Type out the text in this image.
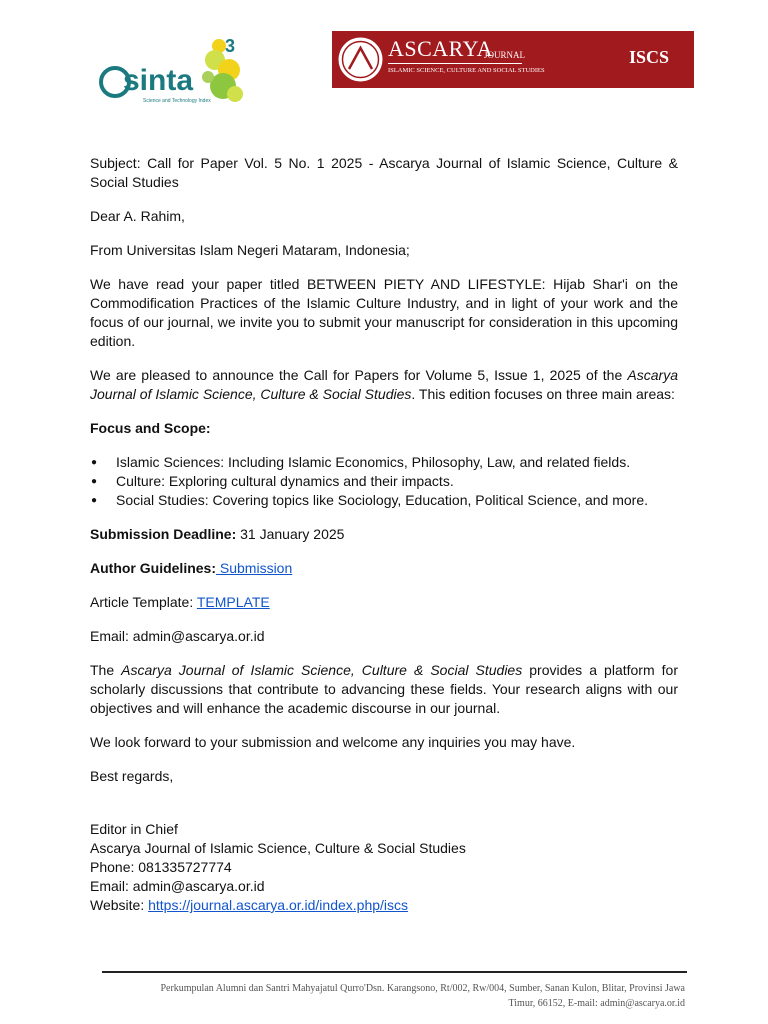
sinta
3
Science and Technology Index
ASCARYA
JOURNAL
ISLAMIC SCIENCE, CULTURE AND SOCIAL STUDIES
ISCS

Subject: Call for Paper Vol. 5 No. 1 2025 - Ascarya Journal of Islamic Science, Culture & Social Studies

Dear A. Rahim,

From Universitas Islam Negeri Mataram, Indonesia;

We have read your paper titled BETWEEN PIETY AND LIFESTYLE: Hijab Shar'i on the Commodification Practices of the Islamic Culture Industry, and in light of your work and the focus of our journal, we invite you to submit your manuscript for consideration in this upcoming edition.

We are pleased to announce the Call for Papers for Volume 5, Issue 1, 2025 of the Ascarya Journal of Islamic Science, Culture & Social Studies. This edition focuses on three main areas:

Focus and Scope:

● Islamic Sciences: Including Islamic Economics, Philosophy, Law, and related fields.
● Culture: Exploring cultural dynamics and their impacts.
● Social Studies: Covering topics like Sociology, Education, Political Science, and more.

Submission Deadline: 31 January 2025

Author Guidelines: Submission

Article Template: TEMPLATE

Email: admin@ascarya.or.id

The Ascarya Journal of Islamic Science, Culture & Social Studies provides a platform for scholarly discussions that contribute to advancing these fields. Your research aligns with our objectives and will enhance the academic discourse in our journal.

We look forward to your submission and welcome any inquiries you may have.

Best regards,

Editor in Chief
Ascarya Journal of Islamic Science, Culture & Social Studies
Phone: 081335727774
Email: admin@ascarya.or.id
Website: https://journal.ascarya.or.id/index.php/iscs
Perkumpulan Alumni dan Santri Mahyajatul Qurro'Dsn. Karangsono, Rt/002, Rw/004, Sumber, Sanan Kulon, Blitar, Provinsi Jawa
Timur, 66152, E-mail: admin@ascarya.or.id
